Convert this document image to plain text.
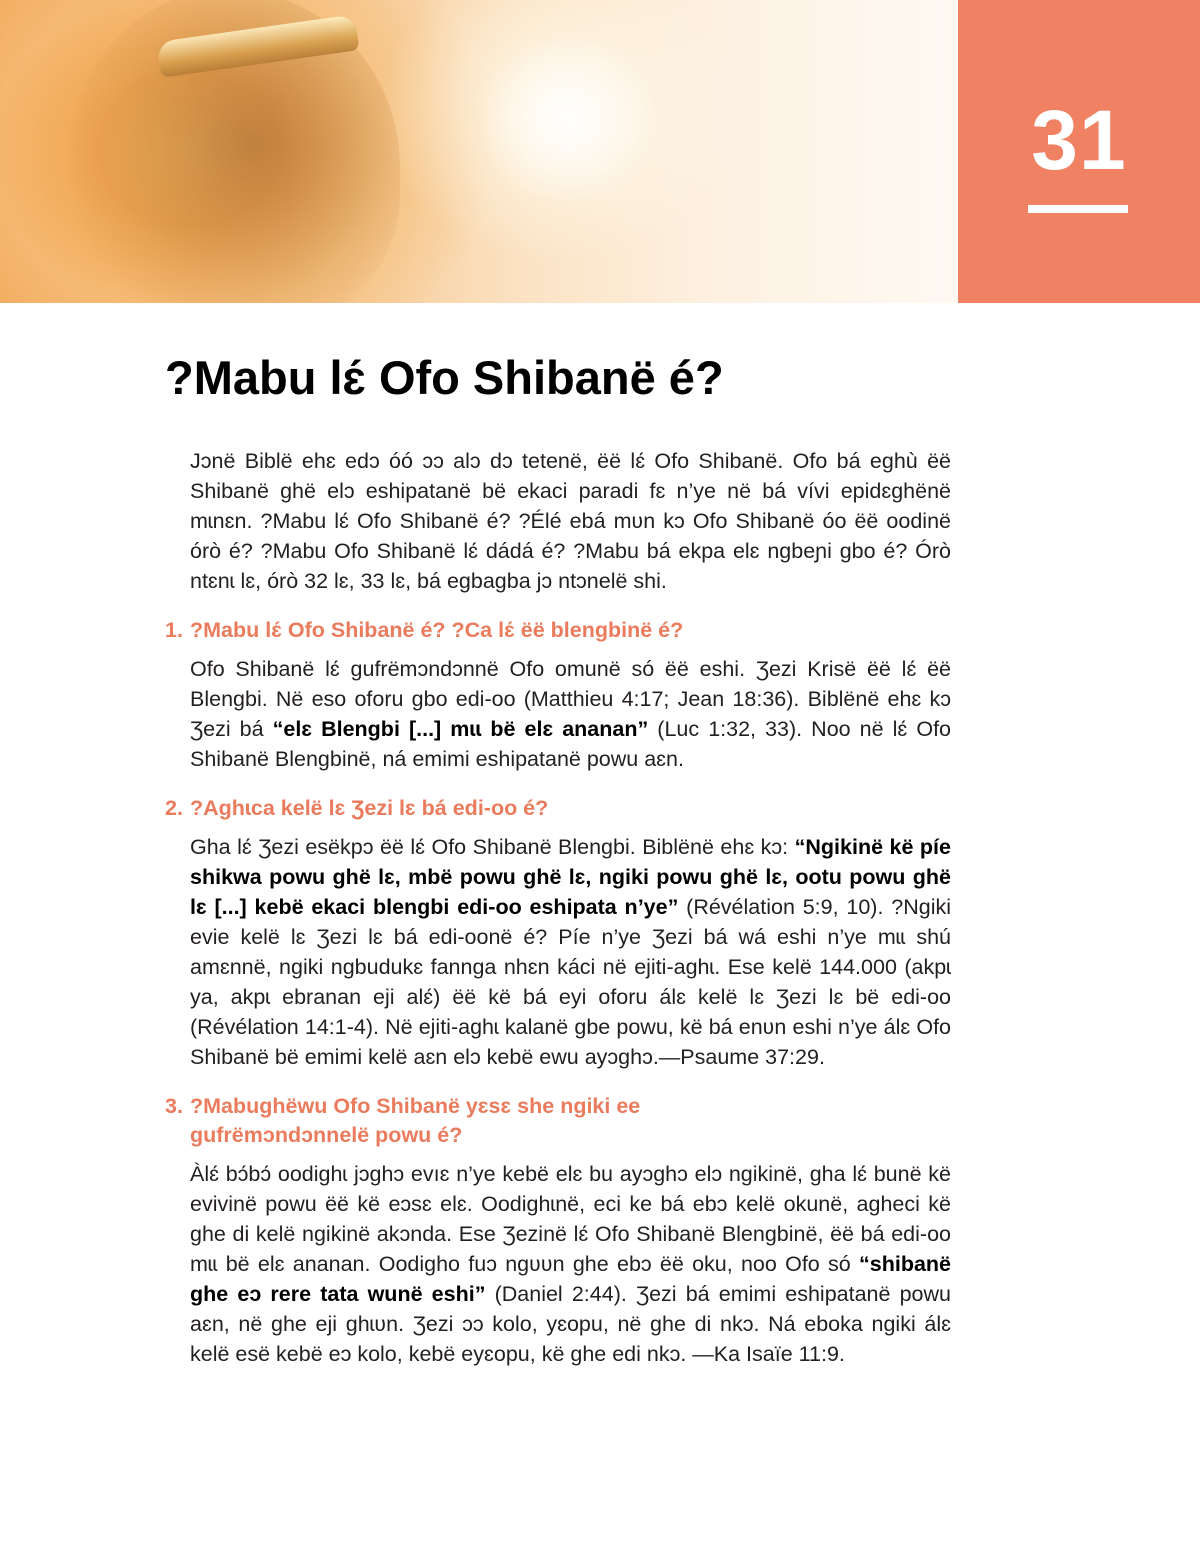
31
?Mabu lɛ́ Ofo Shibanë é?

Jɔnë Biblë ehɛ edɔ óó ɔɔ alɔ dɔ tetenë, ëë lɛ́ Ofo Shibanë. Ofo bá eghù ëë Shibanë ghë elɔ eshipatanë bë ekaci paradi fɛ n’ye në bá vívi epidɛghënë mɩnɛn. ?Mabu lɛ́ Ofo Shibanë é? ?Élé ebá mʋn kɔ Ofo Shibanë óo ëë oodinë órò é? ?Mabu Ofo Shibanë lɛ́ dádá é? ?Mabu bá ekpa elɛ ngbeɲi gbo é? Órò ntɛnɩ lɛ, órò 32 lɛ, 33 lɛ, bá egbagba jɔ ntɔnelë shi.

1. ?Mabu lɛ́ Ofo Shibanë é? ?Ca lɛ́ ëë blengbinë é?

Ofo Shibanë lɛ́ gufrëmɔndɔnnë Ofo omunë só ëë eshi. Ʒezi Krisë ëë lɛ́ ëë Blengbi. Në eso oforu gbo edi-oo (Matthieu 4:17; Jean 18:36). Biblënë ehɛ kɔ Ʒezi bá “elɛ Blengbi [...] mɩɩ bë elɛ ananan” (Luc 1:32, 33). Noo në lɛ́ Ofo Shibanë Blengbinë, ná emimi eshipatanë powu aɛn.

2. ?Aghɩca kelë lɛ Ʒezi lɛ bá edi-oo é?

Gha lɛ́ Ʒezi esëkpɔ ëë lɛ́ Ofo Shibanë Blengbi. Biblënë ehɛ kɔ: “Ngikinë kë píe shikwa powu ghë lɛ, mbë powu ghë lɛ, ngiki powu ghë lɛ, ootu powu ghë lɛ [...] kebë ekaci blengbi edi-oo eshipata n’ye” (Révélation 5:9, 10). ?Ngiki evie kelë lɛ Ʒezi lɛ bá edi-oonë é? Píe n’ye Ʒezi bá wá eshi n’ye mɩɩ shú amɛnnë, ngiki ngbudukɛ fannga nhɛn káci në ejiti-aghɩ. Ese kelë 144.000 (akpɩ ya, akpɩ ebranan eji alɛ́) ëë kë bá eyi oforu álɛ kelë lɛ Ʒezi lɛ bë edi-oo (Révélation 14:1-4). Në ejiti-aghɩ kalanë gbe powu, kë bá enʋn eshi n’ye álɛ Ofo Shibanë bë emimi kelë aɛn elɔ kebë ewu ayɔghɔ.—Psaume 37:29.

3. ?Mabughëwu Ofo Shibanë yɛsɛ she ngiki ee gufrëmɔndɔnnelë powu é?

Àlɛ́ bɔ́bɔ́ oodighɩ jɔghɔ evıɛ n’ye kebë elɛ bu ayɔghɔ elɔ ngikinë, gha lɛ́ bunë kë evivinë powu ëë kë eɔsɛ elɛ. Oodighɩnë, eci ke bá ebɔ kelë okunë, agheci kë ghe di kelë ngikinë akɔnda. Ese Ʒezinë lɛ́ Ofo Shibanë Blengbinë, ëë bá edi-oo mɩɩ bë elɛ ananan. Oodigho fuɔ ngʋʋn ghe ebɔ ëë oku, noo Ofo só “shibanë ghe eɔ rere tata wunë eshi” (Daniel 2:44). Ʒezi bá emimi eshipatanë powu aɛn, në ghe eji ghɩʋn. Ʒezi ɔɔ kolo, yɛopu, në ghe di nkɔ. Ná eboka ngiki álɛ kelë esë kebë eɔ kolo, kebë eyɛopu, kë ghe edi nkɔ. —Ka Isaïe 11:9.
